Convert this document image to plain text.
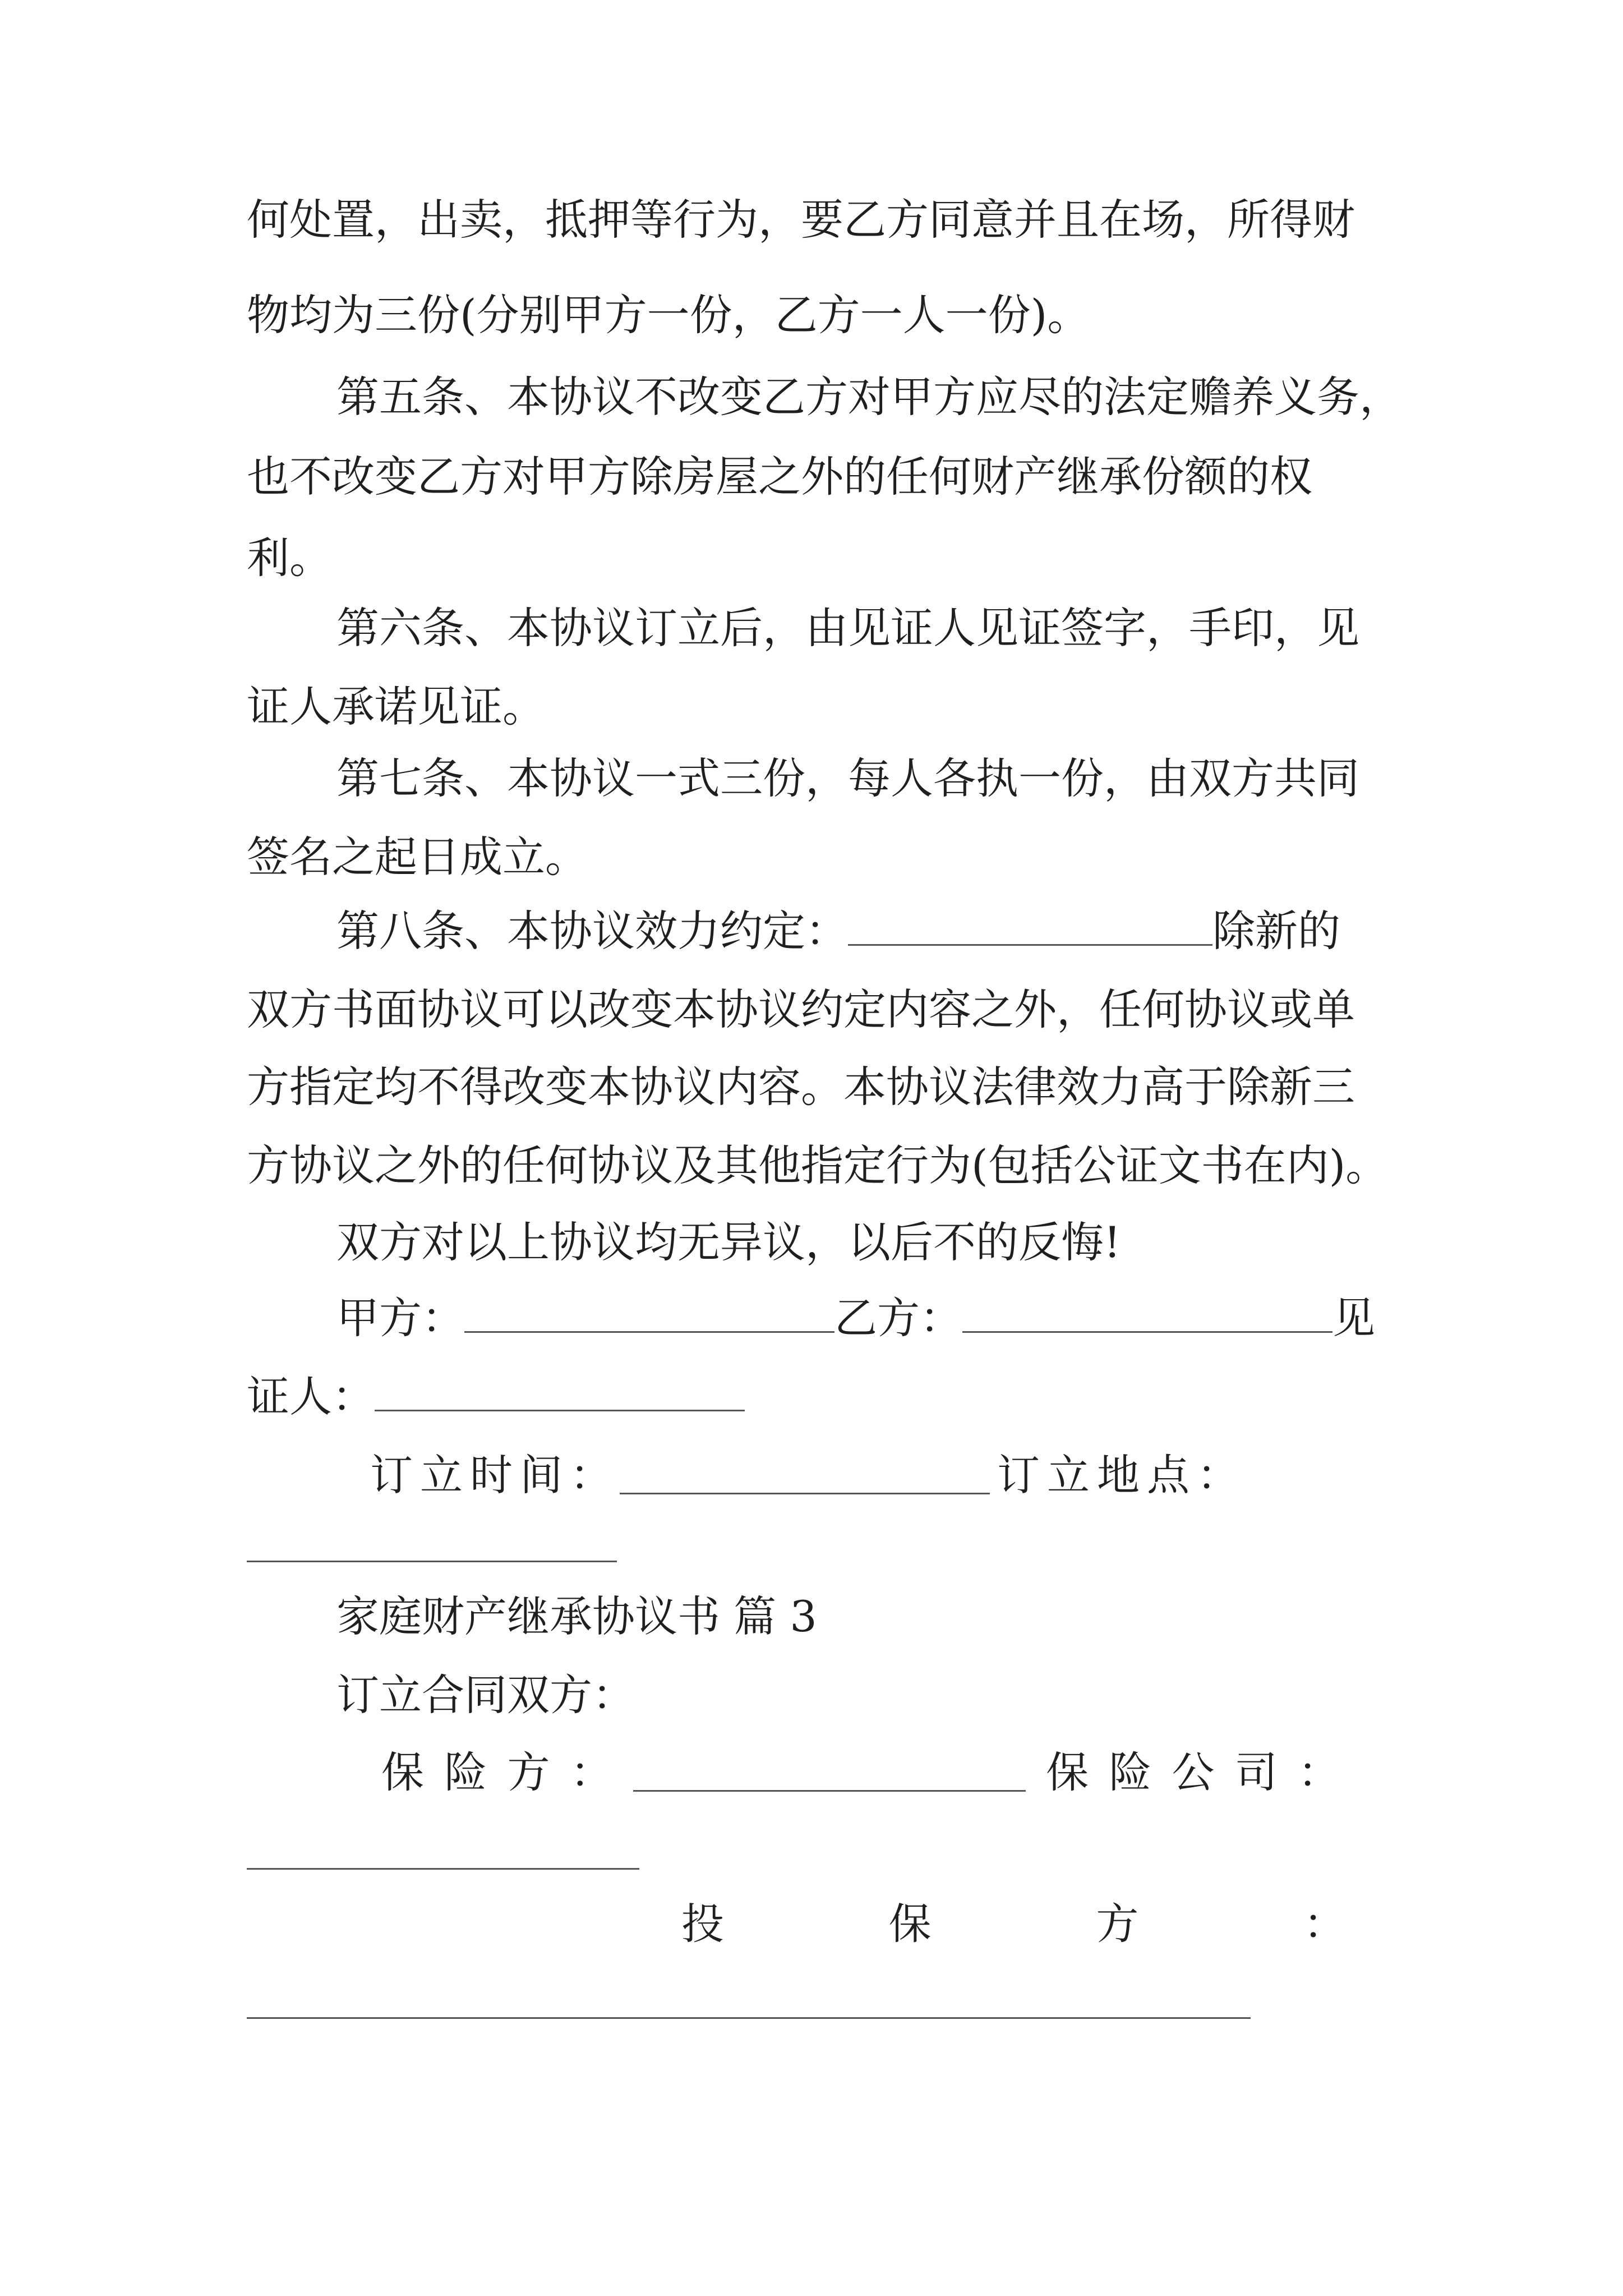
何处置，出卖，抵押等行为，要乙方同意并且在场，所得财

物均为三份(分别甲方一份，乙方一人一份)。

第五条、本协议不改变乙方对甲方应尽的法定赡养义务，

也不改变乙方对甲方除房屋之外的任何财产继承份额的权

利。

第六条、本协议订立后，由见证人见证签字，手印，见

证人承诺见证。

第七条、本协议一式三份，每人各执一份，由双方共同

签名之起日成立。

第八条、本协议效力约定：	除新的

双方书面协议可以改变本协议约定内容之外，任何协议或单

方指定均不得改变本协议内容。本协议法律效力高于除新三

方协议之外的任何协议及其他指定行为(包括公证文书在内)。

双方对以上协议均无异议，以后不的反悔!

甲方：	乙方：	见

证人：

订 立 时 间 ：	订 立 地 点 ：

家庭财产继承协议书 篇 3

订立合同双方：

保 险 方 ：	保 险 公 司 ：
投	保	方	：
